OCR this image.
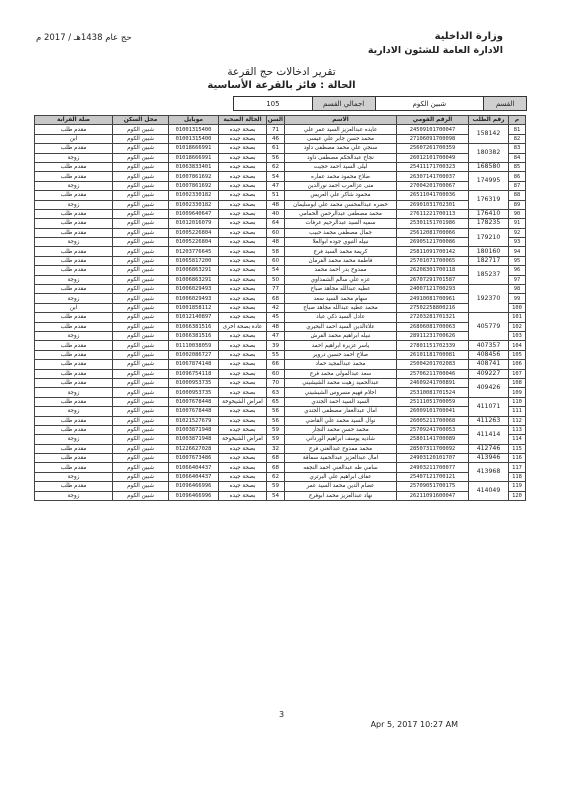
وزارة الداخلية
الادارة العامة للشئون الادارية
حج عام 1438هـ / 2017 م
تقرير ادخالات حج القرعة
الحالة : فائز بالقرعة الأساسية
القسم
شبين الكوم
اجمالي القسم
105
م	رقم الطلب	الرقم القومي	الاسم	السن	الحالة الصحية	موبايل	محل السكن	صلة القرابة
81	158142	24509101700047	عايده عبدالعزيز السيد عمر علي	71	بصحة جيده	01001315400	شبين الكوم	مقدم طلب
82		27106091700098	محمد حسن جابر علي عيسى	46	بصحة جيده	01001315400	شبين الكوم	ابن
83	180382	25607261700359	سنجي علي محمد مصطفى داود	61	بصحة جيده	01018666991	شبين الكوم	مقدم طلب
84		26012101700049	نجاح عبدالحكم مصطفى داود	56	بصحة جيده	01018666991	شبين الكوم	زوجة
85	168580	25411171700323	ليلى السيد احمد حجيت	62	بصحة جيده	01063833401	شبين الكوم	مقدم طلب
86	174995	26307141700037	صلاح محمود محمد عماره	54	بصحة جيده	01007861692	شبين الكوم	مقدم طلب
87		27004201700067	منى عزالعرب احمد نورالدين	47	بصحة جيده	01007861692	شبين الكوم	زوجة
88	176319	26511041700036	محمود شاكر علي العريس	51	بصحة جيده	01002330182	شبين الكوم	مقدم طلب
89		26901031702301	خضره عبدالمحسن محمد علي ابوسليمان	48	بصحة جيده	01002330182	شبين الكوم	زوجة
90	176410	27611221700113	محمد مصطفى عبدالرحمن الحمامي	40	بصحة جيده	01009640647	شبين الكوم	مقدم طلب
91	178235	25301151701986	سميه السيد عبدالرحيم عرفات	64	بصحة جيده	01012016079	شبين الكوم	مقدم طلب
92	179210	25612081700066	جمال مصطفى محمد حبيب	60	بصحة جيده	01005226804	شبين الكوم	مقدم طلب
93		26905121700086	نبيله النبوي جوده ابوالعلا	48	بصحة جيده	01005226804	شبين الكوم	زوجة
94	180160	25811091700142	كريمة محمد السيد فرج	58	بصحة جيده	01203776645	شبين الكوم	مقدم طلب
95	182717	25701071700065	فاطمة محمد محمد الفرمان	60	بصحة جيده	01065817200	شبين الكوم	مقدم طلب
96	185237	26208301700118	ممدوح بدر احمد محمد	54	بصحة جيده	01006863291	شبين الكوم	مقدم طلب
97		26707291701587	عزه علي سالم الشمداوي	50	بصحة جيده	01006863291	شبين الكوم	زوجة
98	192370	24007121700293	عطيه عبدالله مجاهد صباح	77	بصحة جيده	01006029493	شبين الكوم	مقدم طلب
99		24910081700961	سهام محمد السيد سعد	68	بصحة جيده	01006029493	شبين الكوم	زوجة
100		27502258800216	محمد عطيه عبدالله مجاهد صباح	42	بصحة جيده	01001858112	شبين الكوم	ابن
101	405779	27203281701321	عادل السيد ذكي عباد	45	بصحة جيده	01012140897	شبين الكوم	مقدم طلب
102		26806081700063	علاءالدين السيد احمد البحيري	48	عادة بصحة اخرى	01066381516	شبين الكوم	مقدم طلب
103		28911231700626	نبيله ابراهيم محمد الفرش	47	بصحة جيده	01066381516	شبين الكوم	زوجة
104	407357	27801151702339	ياسر عزيرة ابراهيم احمد	39	بصحة جيده	01110038059	شبين الكوم	مقدم طلب
105	408456	26101181700081	صلاح احمد حسين دروير	55	بصحة جيده	01002086727	شبين الكوم	مقدم طلب
106	408741	25004201702083	محمد عبدالمجيد حماد	66	بصحة جيده	01067874148	شبين الكوم	مقدم طلب
107	409227	25706211700046	سعد عبدالمولى محمد فرج	60	بصحة جيده	01096754118	شبين الكوم	مقدم طلب
108	409426	24609241700891	عبدالحميد زهيت محمد الشيشيني	70	بصحة جيده	01000953735	شبين الكوم	مقدم طلب
109		25310081701524	احلام فهيم مسروس الشيشيني	63	بصحة جيده	01000953735	شبين الكوم	زوجة
110	411071	25111051700059	السيد السيد احمد الجندي	65	امراض الشيخوخة	01007678448	شبين الكوم	مقدم طلب
111		26009101700041	امال عبدالغفار مصطفى الجندي	56	بصحة جيده	01007678448	شبين الكوم	زوجة
112	411263	26005211700068	نوال السيد محمد علي القاضي	56	بصحة جيده	01021527679	شبين الكوم	مقدم طلب
113	411414	25709241700053	محمد حسن محمد النجار	59	بصحة جيده	01003871948	شبين الكوم	مقدم طلب
114		25801141700089	شاديه يوسف ابراهيم الورداني	59	امراض الشيخوخة	01003871948	شبين الكوم	زوجة
115	412746	28507311700092	محمد ممدوح عبدالغني فرج	32	بصحة جيده	01226627028	شبين الكوم	مقدم طلب
116	413946	24903120101707	امال عبدالعزيز عبدالحميد سماقة	68	بصحة جيده	01007673486	شبين الكوم	مقدم طلب
117	413968	24903211700077	سامي طه عبدالغني احمد النجفه	68	بصحة جيده	01066404437	شبين الكوم	مقدم طلب
118		25407121700121	عفاف ابراهيم علي البرتري	62	بصحة جيده	01066404437	شبين الكوم	زوجة
119	414049	25709051700175	عصام الدين محمد السيد عمر	59	بصحة جيده	01096466996	شبين الكوم	مقدم طلب
120		26211091600047	نهاد عبدالعزيز محمد ابوفرج	54	بصحة جيده	01096466996	شبين الكوم	زوجة
3
Apr 5, 2017 10:27 AM
